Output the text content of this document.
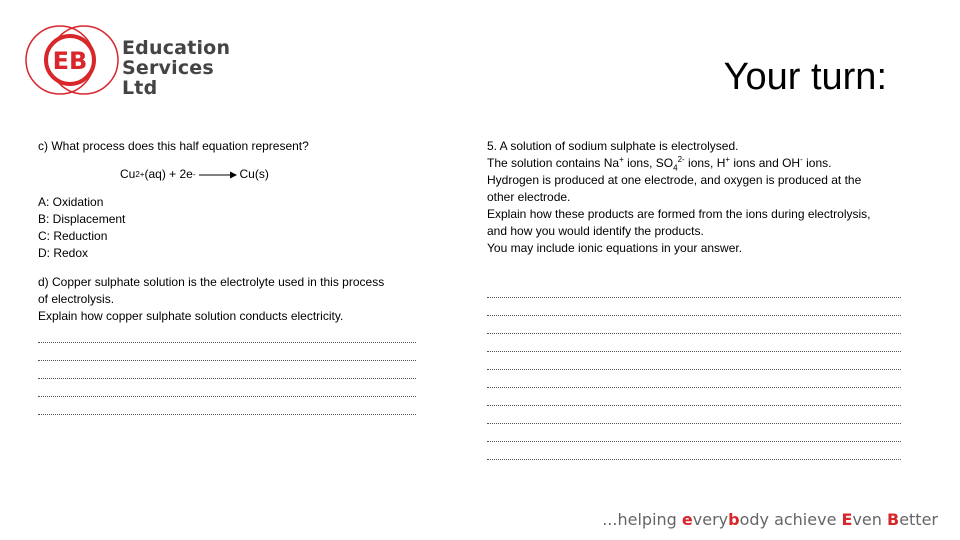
EB Education
Services Ltd	Your turn:
c) What process does this half equation represent?
Cu 2+ (aq) + 2e - → Cu(s)
A: Oxidation
B: Displacement
C: Reduction
D: Redox
d) Copper sulphate solution is the electrolyte used in this process
of electrolysis.
Explain how copper sulphate solution conducts electricity.
5. A solution of sodium sulphate is electrolysed.
The solution contains Na+ ions, $SO_4^{2-}$ ions, H+ ions and OH- ions.
Hydrogen is produced at one electrode, and oxygen is produced at the
other electrode.
Explain how these products are formed from the ions during electrolysis,
and how you would identify the products.
You may include ionic equations in your answer.
...helping everybody achieve Even Better
